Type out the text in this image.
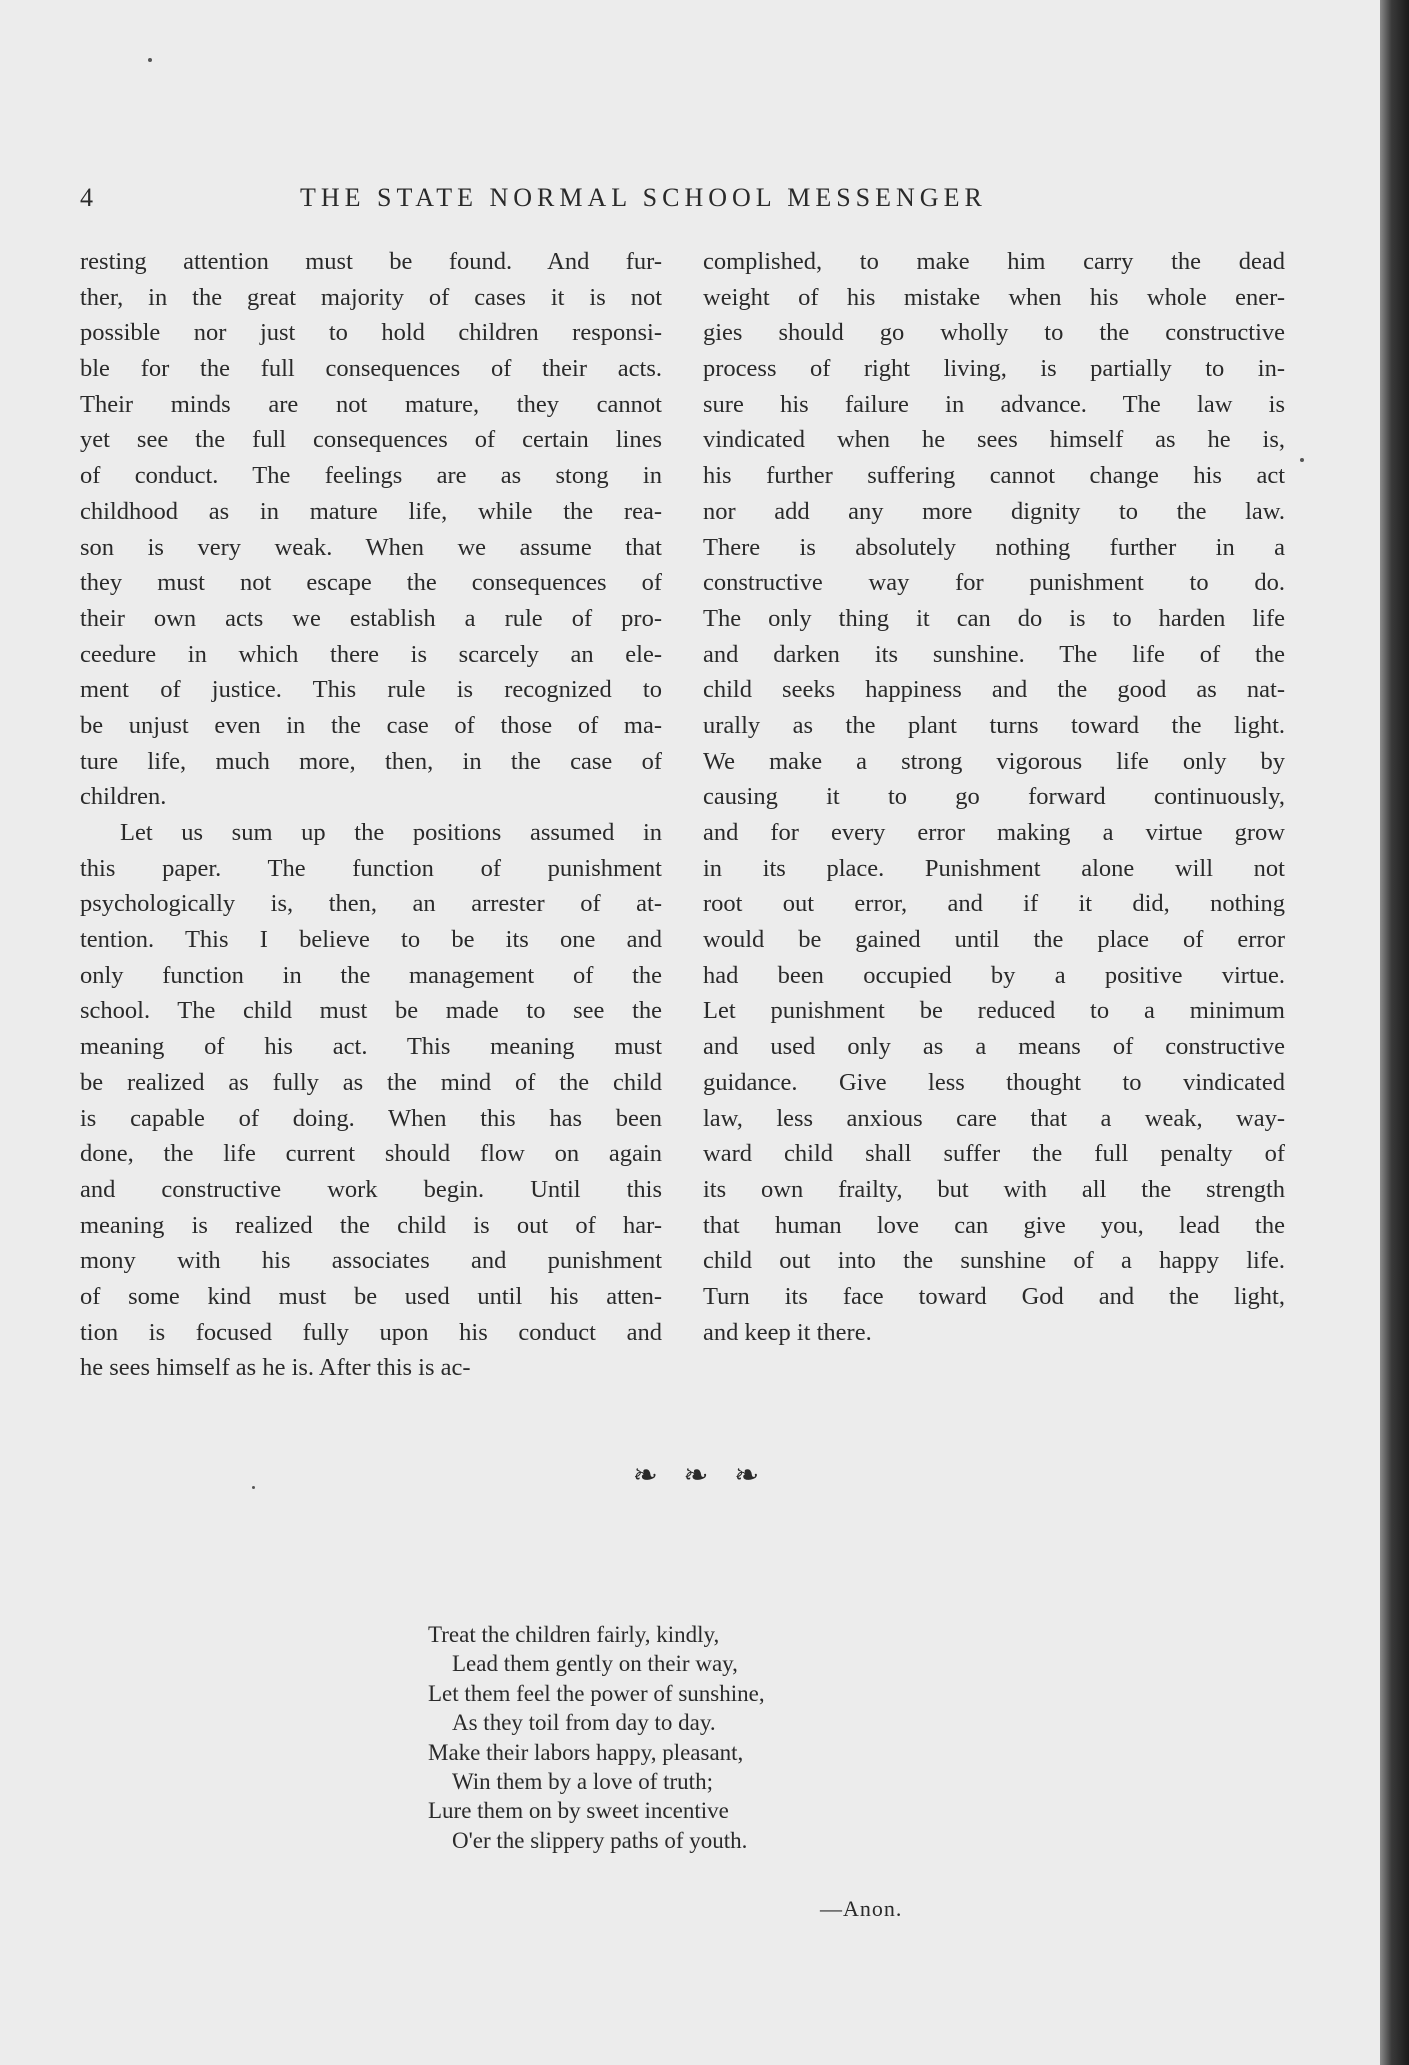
4	THE STATE NORMAL SCHOOL MESSENGER
resting attention must be found. And fur-
ther, in the great majority of cases it is not
possible nor just to hold children responsi-
ble for the full consequences of their acts.
Their minds are not mature, they cannot
yet see the full consequences of certain lines
of conduct. The feelings are as stong in
childhood as in mature life, while the rea-
son is very weak. When we assume that
they must not escape the consequences of
their own acts we establish a rule of pro-
ceedure in which there is scarcely an ele-
ment of justice. This rule is recognized to
be unjust even in the case of those of ma-
ture life, much more, then, in the case of
children.
Let us sum up the positions assumed in
this paper. The function of punishment
psychologically is, then, an arrester of at-
tention. This I believe to be its one and
only function in the management of the
school. The child must be made to see the
meaning of his act. This meaning must
be realized as fully as the mind of the child
is capable of doing. When this has been
done, the life current should flow on again
and constructive work begin. Until this
meaning is realized the child is out of har-
mony with his associates and punishment
of some kind must be used until his atten-
tion is focused fully upon his conduct and
he sees himself as he is. After this is ac-
complished, to make him carry the dead
weight of his mistake when his whole ener-
gies should go wholly to the constructive
process of right living, is partially to in-
sure his failure in advance. The law is
vindicated when he sees himself as he is,
his further suffering cannot change his act
nor add any more dignity to the law.
There is absolutely nothing further in a
constructive way for punishment to do.
The only thing it can do is to harden life
and darken its sunshine. The life of the
child seeks happiness and the good as nat-
urally as the plant turns toward the light.
We make a strong vigorous life only by
causing it to go forward continuously,
and for every error making a virtue grow
in its place. Punishment alone will not
root out error, and if it did, nothing
would be gained until the place of error
had been occupied by a positive virtue.
Let punishment be reduced to a minimum
and used only as a means of constructive
guidance. Give less thought to vindicated
law, less anxious care that a weak, way-
ward child shall suffer the full penalty of
its own frailty, but with all the strength
that human love can give you, lead the
child out into the sunshine of a happy life.
Turn its face toward God and the light,
and keep it there.
❧ ❧ ❧
Treat the children fairly, kindly,
Lead them gently on their way,
Let them feel the power of sunshine,
As they toil from day to day.
Make their labors happy, pleasant,
Win them by a love of truth;
Lure them on by sweet incentive
O'er the slippery paths of youth.
—Anon.
